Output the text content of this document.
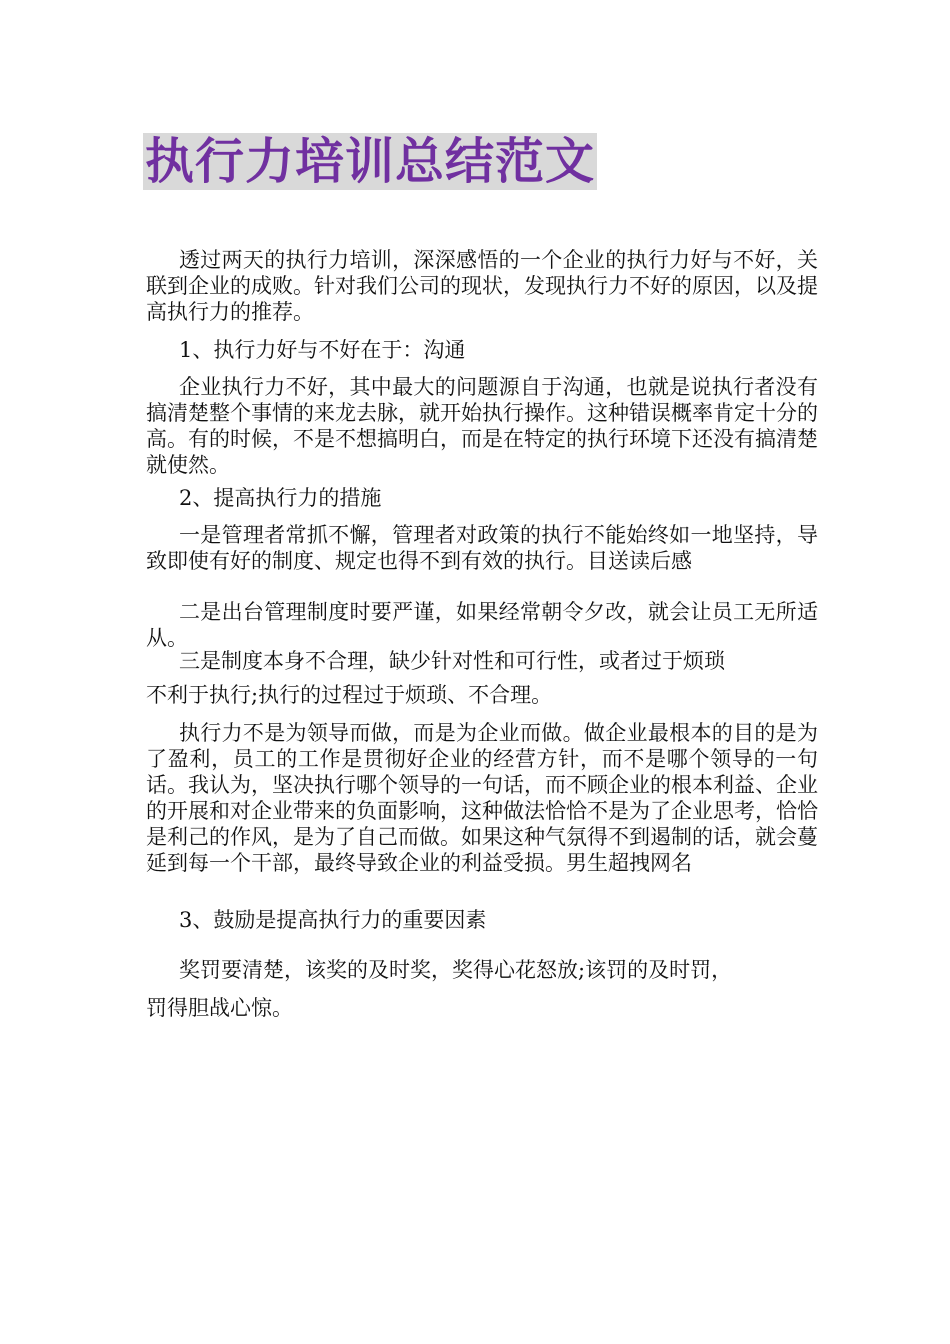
执行力培训总结范文

透过两天的执行力培训，深深感悟的一个企业的执行力好与不好，关联到企业的成败。针对我们公司的现状，发现执行力不好的原因，以及提高执行力的推荐。

1、执行力好与不好在于：沟通

企业执行力不好，其中最大的问题源自于沟通，也就是说执行者没有搞清楚整个事情的来龙去脉，就开始执行操作。这种错误概率肯定十分的高。有的时候，不是不想搞明白，而是在特定的执行环境下还没有搞清楚就使然。

2、提高执行力的措施

一是管理者常抓不懈，管理者对政策的执行不能始终如一地坚持，导致即使有好的制度、规定也得不到有效的执行。目送读后感

二是出台管理制度时要严谨，如果经常朝令夕改，就会让员工无所适从。

三是制度本身不合理，缺少针对性和可行性，或者过于烦琐

不利于执行;执行的过程过于烦琐、不合理。

执行力不是为领导而做，而是为企业而做。做企业最根本的目的是为了盈利，员工的工作是贯彻好企业的经营方针，而不是哪个领导的一句话。我认为，坚决执行哪个领导的一句话，而不顾企业的根本利益、企业的开展和对企业带来的负面影响，这种做法恰恰不是为了企业思考，恰恰是利己的作风，是为了自己而做。如果这种气氛得不到遏制的话，就会蔓延到每一个干部，最终导致企业的利益受损。男生超拽网名

3、鼓励是提高执行力的重要因素

奖罚要清楚，该奖的及时奖，奖得心花怒放;该罚的及时罚，

罚得胆战心惊。
